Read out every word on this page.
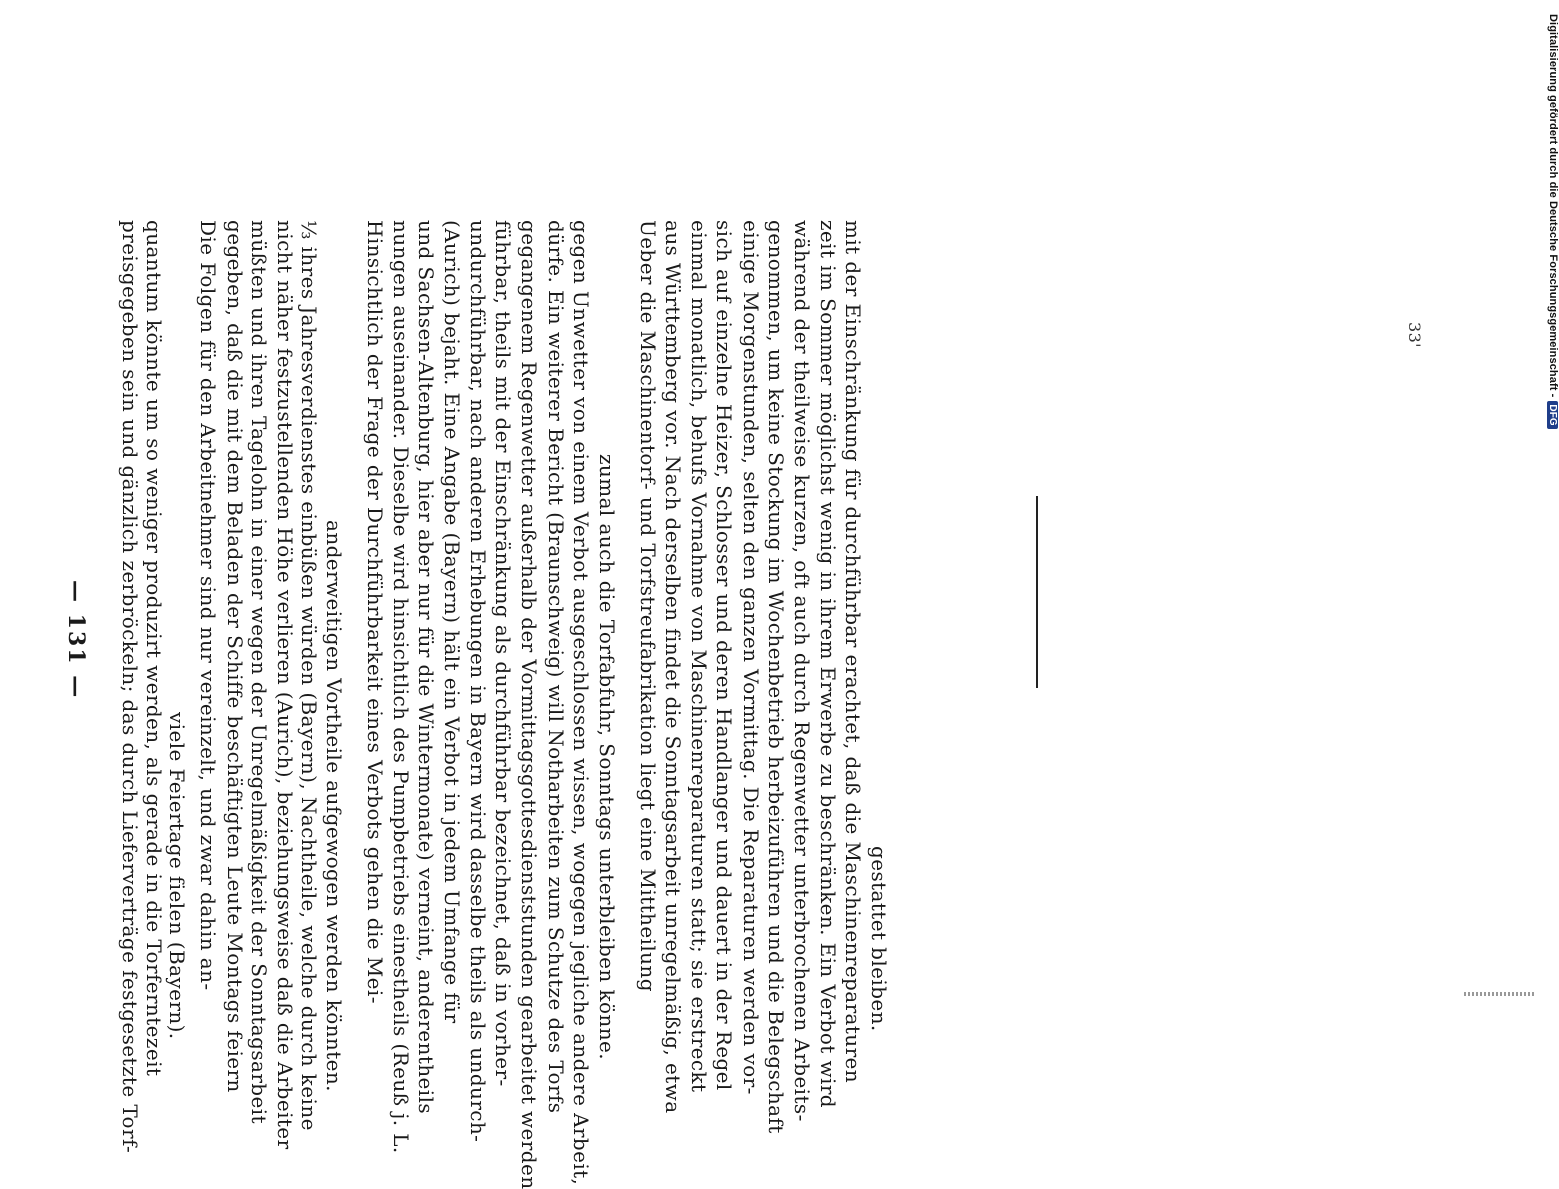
— 131 — preisgegeben sein und gänzlich zerbröckeln; das durch Lieferverträge festgesetzte Torf- quantum könnte um so weniger produzirt werden, als gerade in die Torferntezeit viele Feiertage fielen (Bayern). Die Folgen für den Arbeitnehmer sind nur vereinzelt, und zwar dahin an- gegeben, daß die mit dem Beladen der Schiffe beschäftigten Leute Montags feiern müßten und ihren Tagelohn in einer wegen der Unregelmäßigkeit der Sonntagsarbeit nicht näher festzustellenden Höhe verlieren (Aurich), beziehungsweise daß die Arbeiter ⅓ ihres Jahresverdienstes einbüßen würden (Bayern), Nachtheile, welche durch keine anderweitigen Vortheile aufgewogen werden könnten. Hinsichtlich der Frage der Durchführbarkeit eines Verbots gehen die Mei- nungen auseinander. Dieselbe wird hinsichtlich des Pumpbetriebs einestheils (Reuß j. L. und Sachsen-Altenburg, hier aber nur für die Wintermonate) verneint, anderentheils (Aurich) bejaht. Eine Angabe (Bayern) hält ein Verbot in jedem Umfange für undurchführbar, nach anderen Erhebungen in Bayern wird dasselbe theils als undurch- führbar, theils mit der Einschränkung als durchführbar bezeichnet, daß in vorher- gegangenem Regenwetter außerhalb der Vormittagsgottesdienststunden gearbeitet werden dürfe. Ein weiterer Bericht (Braunschweig) will Notharbeiten zum Schutze des Torfs gegen Unwetter von einem Verbot ausgeschlossen wissen, wogegen jegliche andere Arbeit, zumal auch die Torfabfuhr, Sonntags unterbleiben könne. Ueber die Maschinentorf- und Torfstreufabrikation liegt eine Mittheilung aus Württemberg vor. Nach derselben findet die Sonntagsarbeit unregelmäßig, etwa einmal monatlich, behufs Vornahme von Maschinenreparaturen statt; sie erstreckt sich auf einzelne Heizer, Schlosser und deren Handlanger und dauert in der Regel einige Morgenstunden, selten den ganzen Vormittag. Die Reparaturen werden vor- genommen, um keine Stockung im Wochenbetrieb herbeizuführen und die Belegschaft während der theilweise kurzen, oft auch durch Regenwetter unterbrochenen Arbeits- zeit im Sommer möglichst wenig in ihrem Erwerbe zu beschränken. Ein Verbot wird mit der Einschränkung für durchführbar erachtet, daß die Maschinenreparaturen gestattet bleiben.
33'	Digitalisierung gefördert durch die Deutsche Forschungsgemeinschaft -DFG
